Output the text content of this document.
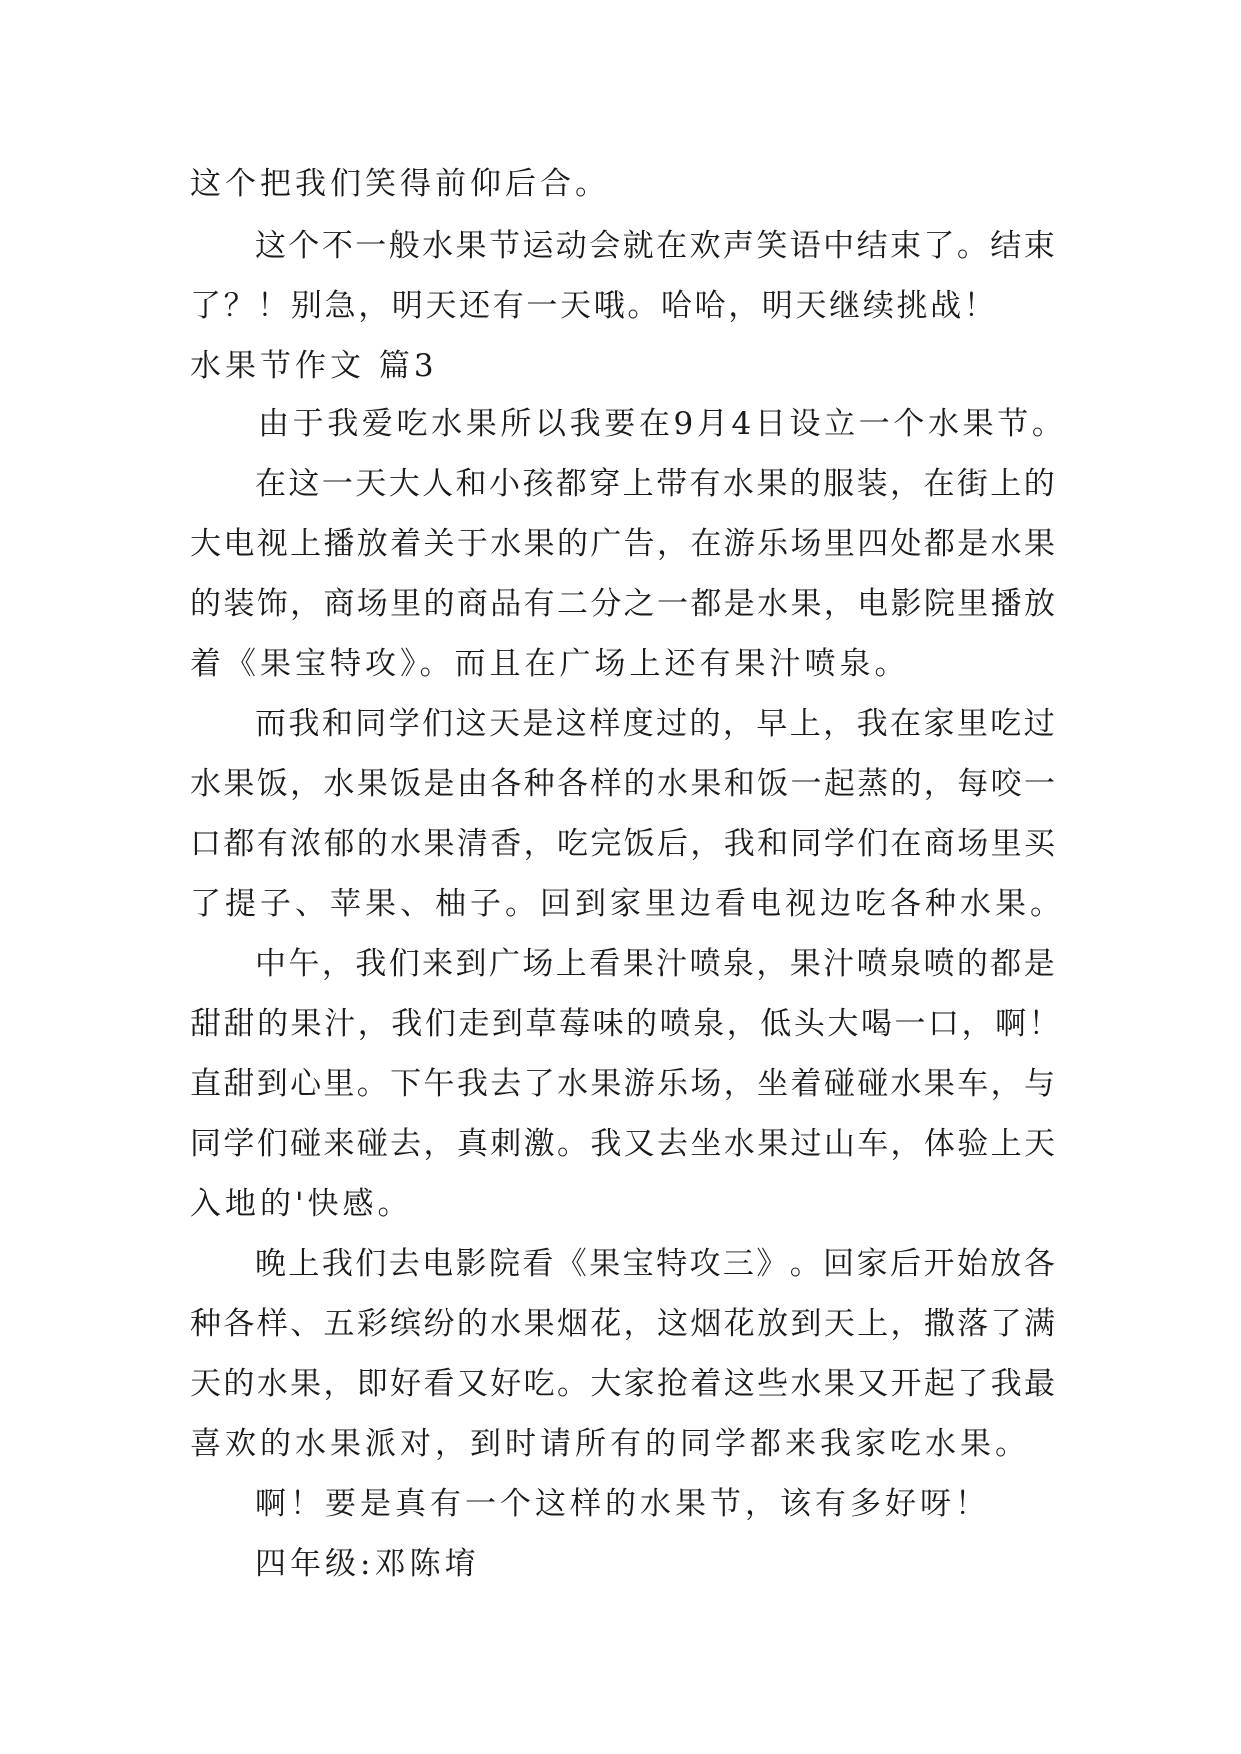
这个把我们笑得前仰后合。
这 个 不 一 般 水 果 节 运 动 会 就 在 欢 声 笑 语 中 结 束 了 。 结 束
了 ？ ！ 别 急 ， 明 天 还 有 一 天 哦 。 哈 哈 ， 明 天 继 续 挑 战 ！
水果节作文 篇3
由 于 我 爱 吃 水 果 所 以 我 要 在 9 月 4 日 设 立 一 个 水 果 节 。
在 这 一 天 大 人 和 小 孩 都 穿 上 带 有 水 果 的 服 装 ， 在 街 上 的
大 电 视 上 播 放 着 关 于 水 果 的 广 告 ， 在 游 乐 场 里 四 处 都 是 水 果
的 装 饰 ， 商 场 里 的 商 品 有 二 分 之 一 都 是 水 果 ， 电 影 院 里 播 放
着《果宝特攻》。而且在广场上还有果汁喷泉。
而 我 和 同 学 们 这 天 是 这 样 度 过 的 ， 早 上 ， 我 在 家 里 吃 过
水 果 饭 ， 水 果 饭 是 由 各 种 各 样 的 水 果 和 饭 一 起 蒸 的 ， 每 咬 一
口 都 有 浓 郁 的 水 果 清 香 ， 吃 完 饭 后 ， 我 和 同 学 们 在 商 场 里 买
了提子、苹果、柚子。回到家里边看电视边吃各种水果。
中 午 ， 我 们 来 到 广 场 上 看 果 汁 喷 泉 ， 果 汁 喷 泉 喷 的 都 是
甜 甜 的 果 汁 ， 我 们 走 到 草 莓 味 的 喷 泉 ， 低 头 大 喝 一 口 ， 啊 ！
直 甜 到 心 里 。 下 午 我 去 了 水 果 游 乐 场 ， 坐 着 碰 碰 水 果 车 ， 与
同 学 们 碰 来 碰 去 ， 真 刺 激 。 我 又 去 坐 水 果 过 山 车 ， 体 验 上 天
入地的'快感。
晚 上 我 们 去 电 影 院 看 《 果 宝 特 攻 三 》 。 回 家 后 开 始 放 各
种 各 样 、 五 彩 缤 纷 的 水 果 烟 花 ， 这 烟 花 放 到 天 上 ， 撒 落 了 满
天 的 水 果 ， 即 好 看 又 好 吃 。 大 家 抢 着 这 些 水 果 又 开 起 了 我 最
喜欢的水果派对，到时请所有的同学都来我家吃水果。
啊！要是真有一个这样的水果节，该有多好呀！
四年级:邓陈堉
